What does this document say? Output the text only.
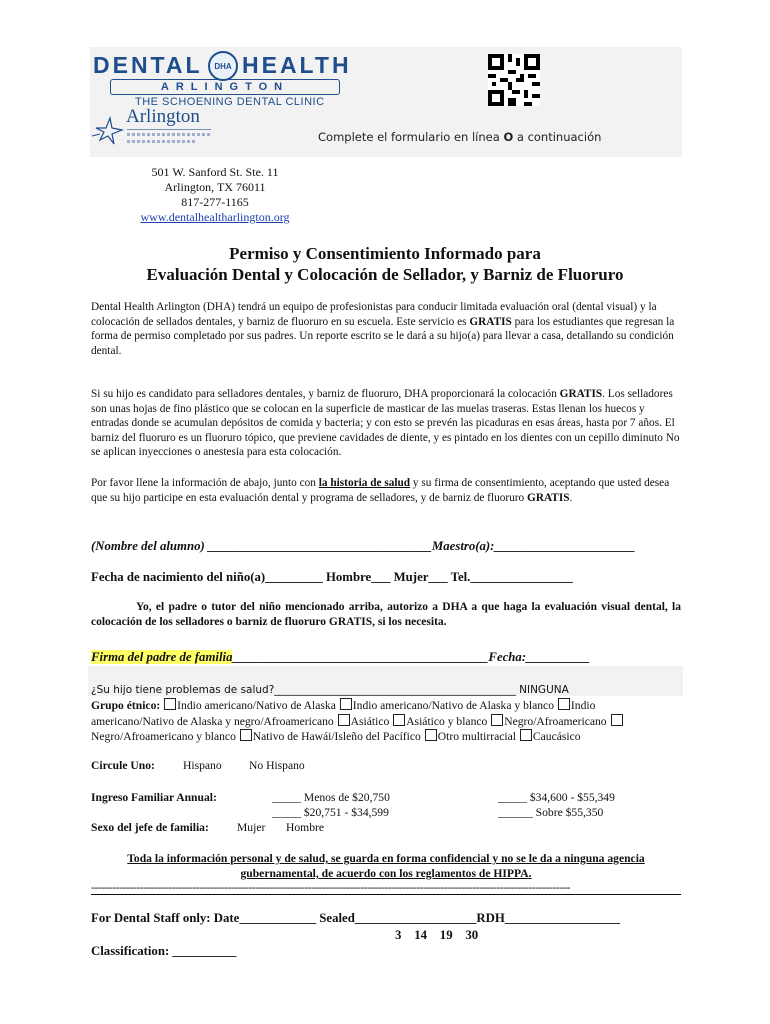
DENTAL DHA HEALTH
ARLINGTON
THE SCHOENING DENTAL CLINIC
Arlington
Complete el formulario en línea O a continuación
501 W. Sanford St. Ste. 11
Arlington, TX 76011
817-277-1165
www.dentalhealtharlington.org
Permiso y Consentimiento Informado para
Evaluación Dental y Colocación de Sellador, y Barniz de Fluoruro
Dental Health Arlington (DHA) tendrá un equipo de profesionistas para conducir limitada evaluación oral (dental visual) y la colocación de sellados dentales, y barniz de fluoruro en su escuela. Este servicio es GRATIS para los estudiantes que regresan la forma de permiso completado por sus padres. Un reporte escrito se le dará a su hijo(a) para llevar a casa, detallando su condición dental.
Si su hijo es candidato para selladores dentales, y barniz de fluoruro, DHA proporcionará la colocación GRATIS. Los selladores son unas hojas de fino plástico que se colocan en la superficie de masticar de las muelas traseras. Estas llenan los huecos y entradas donde se acumulan depósitos de comida y bacteria; y con esto se prevén las picaduras en esas áreas, hasta por 7 años. El barniz del fluoruro es un fluoruro tópico, que previene cavidades de diente, y es pintado en los dientes con un cepillo diminuto No se aplican inyecciones o anestesia para esta colocación.
Por favor llene la información de abajo, junto con la historia de salud y su firma de consentimiento, aceptando que usted desea que su hijo participe en esta evaluación dental y programa de selladores, y de barniz de fluoruro GRATIS.
(Nombre del alumno) ___________________________________Maestro(a):______________________
Fecha de nacimiento del niño(a)_________ Hombre___ Mujer___ Tel.________________
Yo, el padre o tutor del niño mencionado arriba, autorizo a DHA a que haga la evaluación visual dental, la colocación de los selladores o barniz de fluoruro GRATIS, si los necesita.
Firma del padre de familia________________________________________Fecha:__________
¿Su hijo tiene problemas de salud?______________________________________________ NINGUNA
Grupo étnico: Indio americano/Nativo de Alaska Indio americano/Nativo de Alaska y blanco Indio americano/Nativo de Alaska y negro/Afroamericano Asiático Asiático y blanco Negro/Afroamericano Negro/Afroamericano y blanco Nativo de Hawái/Isleño del Pacífico Otro multirracial Caucásico
Circule Uno: Hispano No Hispano
Ingreso Familiar Annual:	_____ Menos de $20,750
_____ $20,751 - $34,599
_____ $34,600 - $55,349
______ Sobre $55,350
Sexo del jefe de familia: Mujer Hombre
Toda la información personal y de salud, se guarda en forma confidencial y no se le da a ninguna agencia gubernamental, de acuerdo con los reglamentos de HIPPA.
-----------------------------------------------------------------------------------------------------------------------------------------
For Dental Staff only: Date____________ Sealed___________________RDH__________________
3    14    19    30
Classification: __________
